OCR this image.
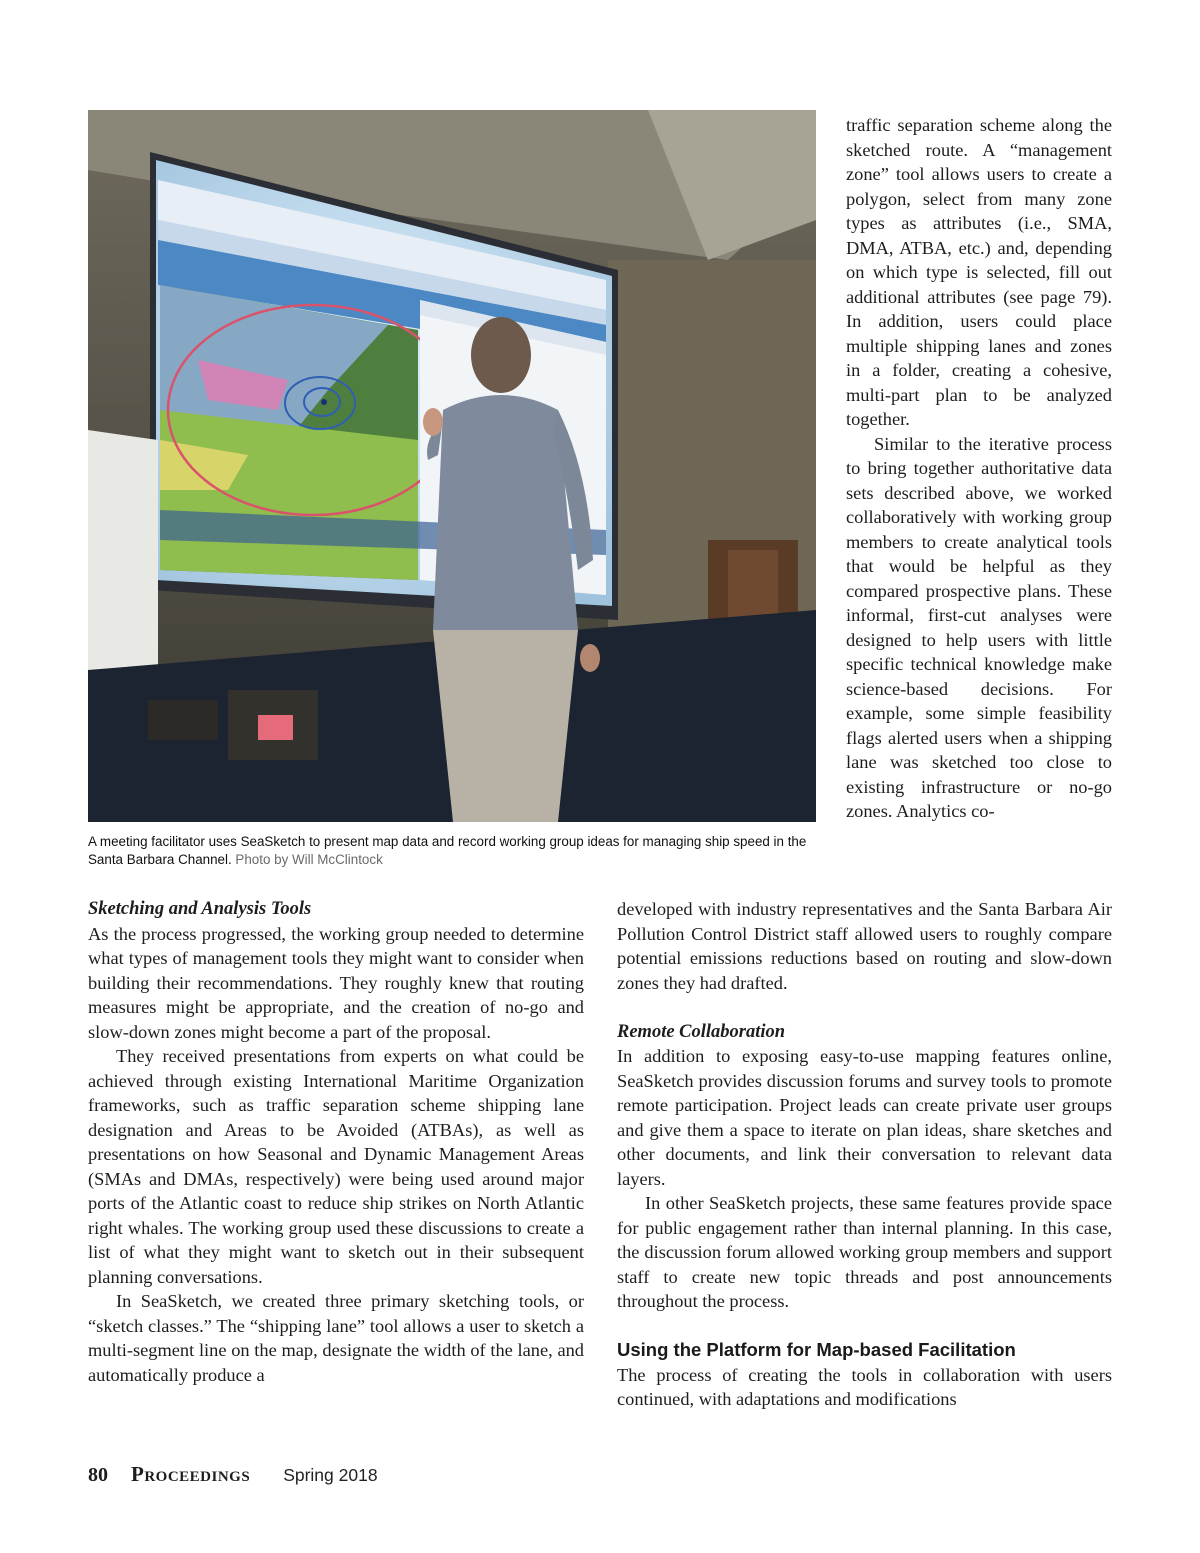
A meeting facilitator uses SeaSketch to present map data and record working group ideas for managing ship speed in the Santa Barbara Channel. Photo by Will McClintock

traffic separation scheme along the sketched route. A “management zone” tool allows users to create a polygon, select from many zone types as attributes (i.e., SMA, DMA, ATBA, etc.) and, depending on which type is selected, fill out additional attributes (see page 79). In addition, users could place multiple shipping lanes and zones in a folder, creating a cohesive, multi-part plan to be analyzed together.

Similar to the iterative process to bring together authoritative data sets described above, we worked collaboratively with working group members to create analytical tools that would be helpful as they compared prospective plans. These informal, first-cut analyses were designed to help users with little specific technical knowledge make science-based decisions. For example, some simple feasibility flags alerted users when a shipping lane was sketched too close to existing infrastructure or no-go zones. Analytics co-

Sketching and Analysis Tools

As the process progressed, the working group needed to determine what types of management tools they might want to consider when building their recommendations. They roughly knew that routing measures might be appropriate, and the creation of no-go and slow-down zones might become a part of the proposal.

They received presentations from experts on what could be achieved through existing International Maritime Organization frameworks, such as traffic separation scheme shipping lane designation and Areas to be Avoided (ATBAs), as well as presentations on how Seasonal and Dynamic Management Areas (SMAs and DMAs, respectively) were being used around major ports of the Atlantic coast to reduce ship strikes on North Atlantic right whales. The working group used these discussions to create a list of what they might want to sketch out in their subsequent planning conversations.

In SeaSketch, we created three primary sketching tools, or “sketch classes.” The “shipping lane” tool allows a user to sketch a multi-segment line on the map, designate the width of the lane, and automatically produce a

developed with industry representatives and the Santa Barbara Air Pollution Control District staff allowed users to roughly compare potential emissions reductions based on routing and slow-down zones they had drafted.

Remote Collaboration

In addition to exposing easy-to-use mapping features online, SeaSketch provides discussion forums and survey tools to promote remote participation. Project leads can create private user groups and give them a space to iterate on plan ideas, share sketches and other documents, and link their conversation to relevant data layers.

In other SeaSketch projects, these same features provide space for public engagement rather than internal planning. In this case, the discussion forum allowed working group members and support staff to create new topic threads and post announcements throughout the process.

Using the Platform for Map-based Facilitation

The process of creating the tools in collaboration with users continued, with adaptations and modifications

80 Proceedings Spring 2018
